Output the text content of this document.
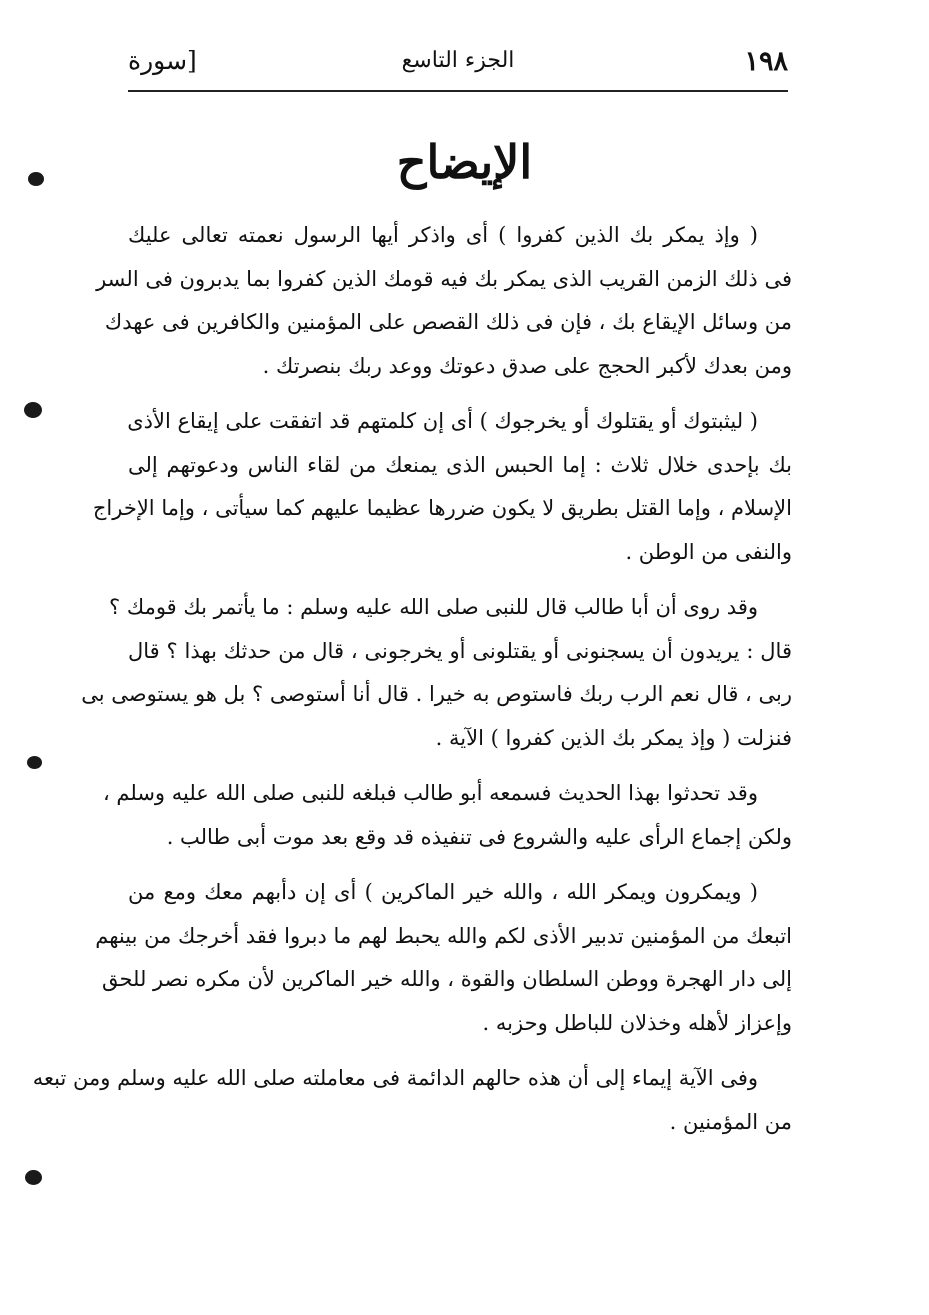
١٩٨
الجزء التاسع
[سورة
الإيضاح
( وإذ يمكر بك الذين كفروا ) أى واذكر أيها الرسول نعمته تعالى عليك
فى ذلك الزمن القريب الذى يمكر بك فيه قومك الذين كفروا بما يدبرون فى السر
من وسائل الإيقاع بك ، فإن فى ذلك القصص على المؤمنين والكافرين فى عهدك
ومن بعدك لأكبر الحجج على صدق دعوتك ووعد ربك بنصرتك .
( ليثبتوك أو يقتلوك أو يخرجوك ) أى إن كلمتهم قد اتفقت على إيقاع الأذى
بك بإحدى خلال ثلاث : إما الحبس الذى يمنعك من لقاء الناس ودعوتهم إلى
الإسلام ، وإما القتل بطريق لا يكون ضررها عظيما عليهم كما سيأتى ، وإما الإخراج
والنفى من الوطن .
وقد روى أن أبا طالب قال للنبى صلى الله عليه وسلم : ما يأتمر بك قومك ؟
قال : يريدون أن يسجنونى أو يقتلونى أو يخرجونى ، قال من حدثك بهذا ؟ قال
ربى ، قال نعم الرب ربك فاستوص به خيرا . قال أنا أستوصى ؟ بل هو يستوصى بى
فنزلت ( وإذ يمكر بك الذين كفروا ) الآية .
وقد تحدثوا بهذا الحديث فسمعه أبو طالب فبلغه للنبى صلى الله عليه وسلم ،
ولكن إجماع الرأى عليه والشروع فى تنفيذه قد وقع بعد موت أبى طالب .
( ويمكرون ويمكر الله ، والله خير الماكرين ) أى إن دأبهم معك ومع من
اتبعك من المؤمنين تدبير الأذى لكم والله يحبط لهم ما دبروا فقد أخرجك من بينهم
إلى دار الهجرة ووطن السلطان والقوة ، والله خير الماكرين لأن مكره نصر للحق
وإعزاز لأهله وخذلان للباطل وحزبه .
وفى الآية إيماء إلى أن هذه حالهم الدائمة فى معاملته صلى الله عليه وسلم ومن تبعه
من المؤمنين .
